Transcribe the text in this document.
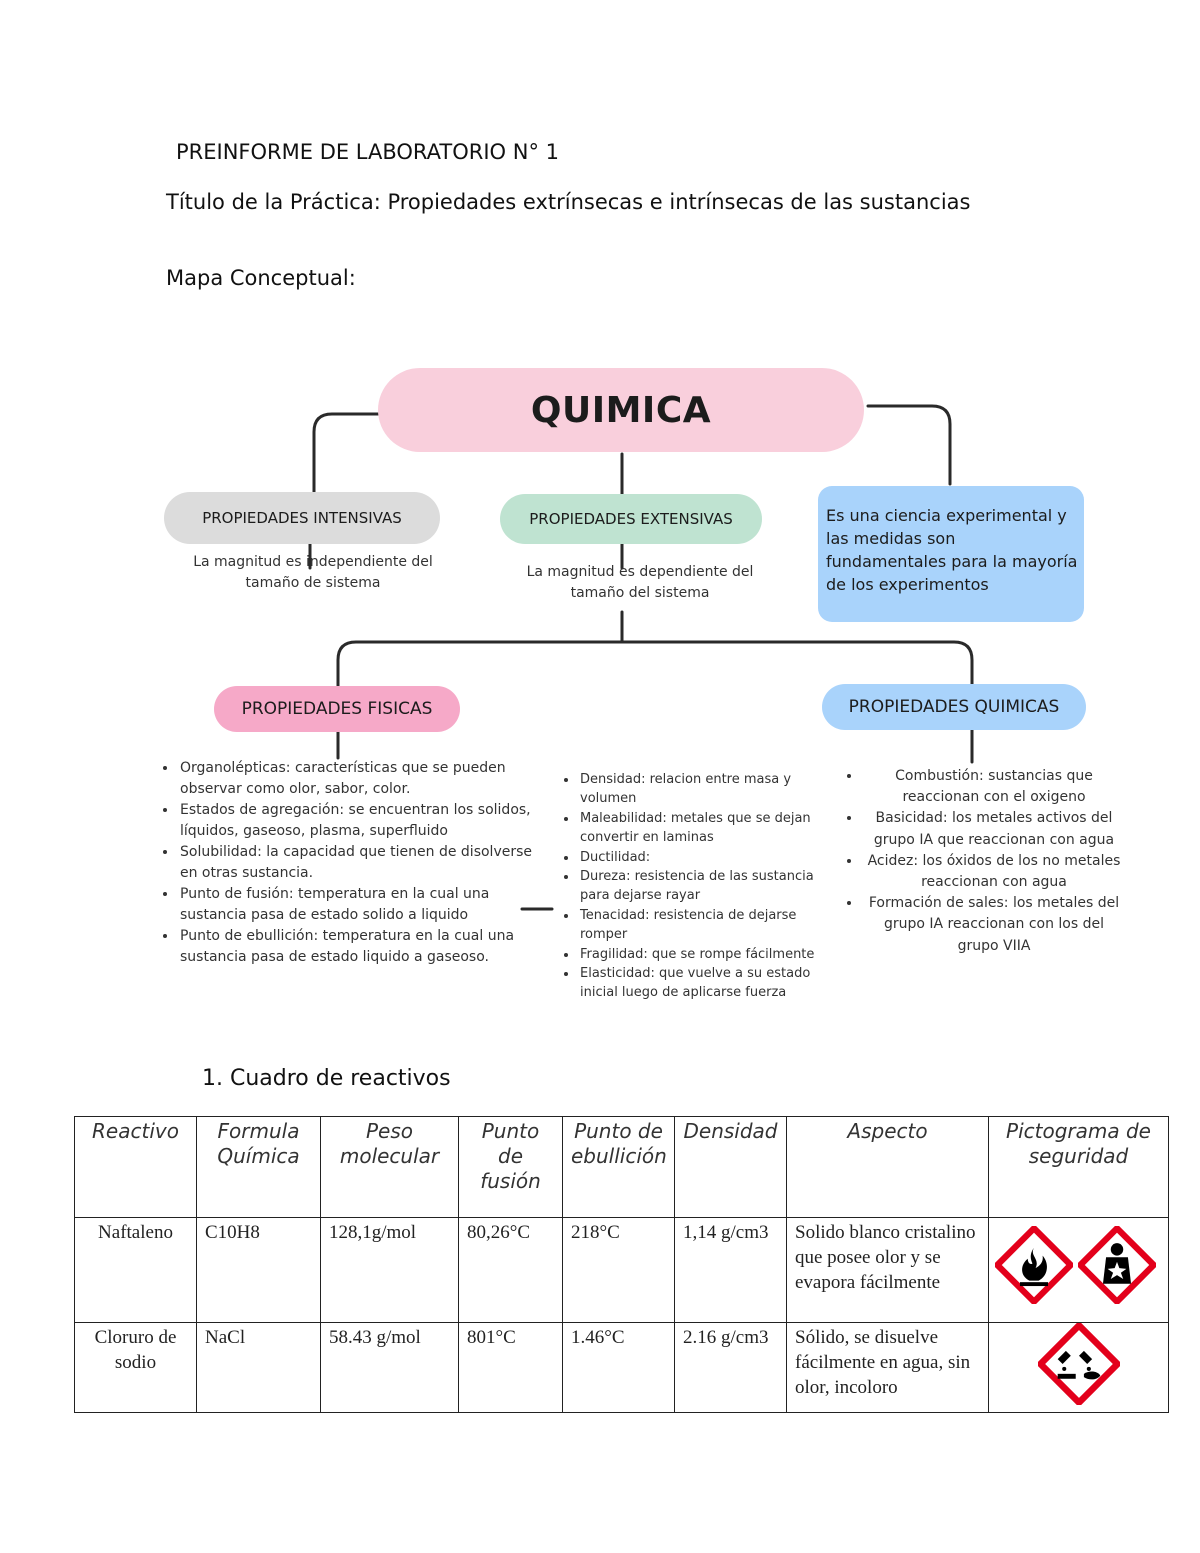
PREINFORME DE LABORATORIO N° 1
Título de la Práctica: Propiedades extrínsecas e intrínsecas de las sustancias
Mapa Conceptual:
QUIMICA
PROPIEDADES INTENSIVAS	PROPIEDADES EXTENSIVAS	Es una ciencia experimental y las medidas son fundamentales para la mayoría de los experimentos
La magnitud es independiente del tamaño de sistema
La magnitud es dependiente del tamaño del sistema
PROPIEDADES FISICAS	PROPIEDADES QUIMICAS
• Organolépticas: características que se pueden observar como olor, sabor, color.
• Estados de agregación: se encuentran los solidos, líquidos, gaseoso, plasma, superfluido
• Solubilidad: la capacidad que tienen de disolverse en otras sustancia.
• Punto de fusión: temperatura en la cual una sustancia pasa de estado solido a liquido
• Punto de ebullición: temperatura en la cual una sustancia pasa de estado liquido a gaseoso.
• Densidad: relacion entre masa y volumen
• Maleabilidad: metales que se dejan convertir en laminas
• Ductilidad:
• Dureza: resistencia de las sustancia para dejarse rayar
• Tenacidad: resistencia de dejarse romper
• Fragilidad: que se rompe fácilmente
• Elasticidad: que vuelve a su estado inicial luego de aplicarse fuerza
• Combustión: sustancias que reaccionan con el oxigeno
• Basicidad: los metales activos del grupo IA que reaccionan con agua
• Acidez: los óxidos de los no metales reaccionan con agua
• Formación de sales: los metales del grupo IA reaccionan con los del grupo VIIA
1. Cuadro de reactivos
Reactivo	Formula Química	Peso molecular	Punto de fusión	Punto de ebullición	Densidad	Aspecto	Pictograma de seguridad
Naftaleno	C10H8	128,1g/mol	80,26°C	218°C	1,14 g/cm3	Solido blanco cristalino que posee olor y se evapora fácilmente	
Cloruro de sodio	NaCl	58.43 g/mol	801°C	1.46°C	2.16 g/cm3	Sólido, se disuelve fácilmente en agua, sin olor, incoloro	
